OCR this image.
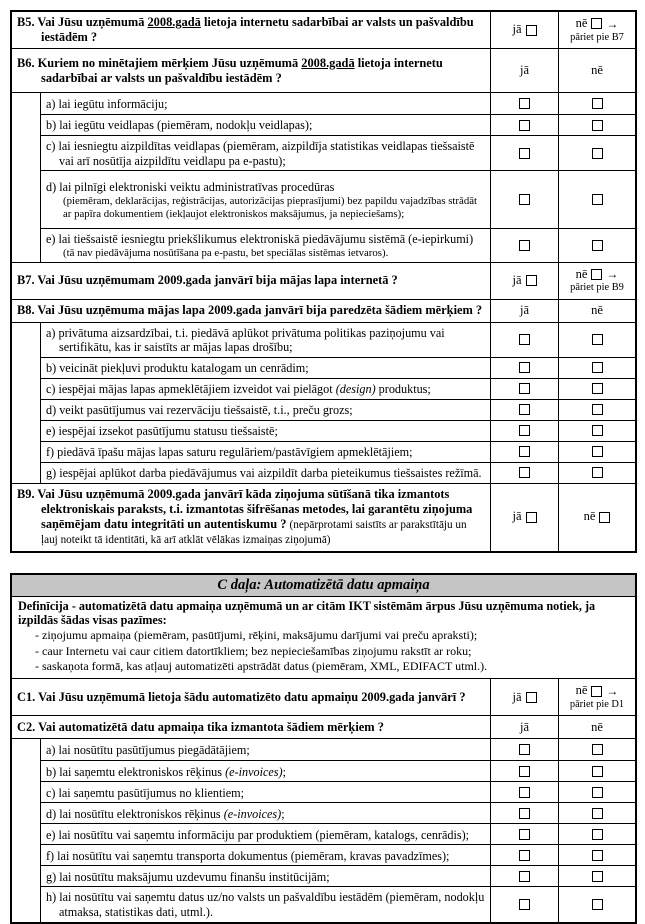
B5. Vai Jūsu uzņēmumā 2008.gadā lietoja internetu sadarbībai ar valsts un pašvaldību iestādēm ?

jā	nē →
pāriet pie B7

B6. Kuriem no minētajiem mērķiem Jūsu uzņēmumā 2008.gadā lietoja internetu sadarbībai ar valsts un pašvaldību iestādēm ?

jā	nē

a) lai iegūtu informāciju;

b) lai iegūtu veidlapas (piemēram, nodokļu veidlapas);

c) lai iesniegtu aizpildītas veidlapas (piemēram, aizpildīja statistikas veidlapas tiešsaistē vai arī nosūtīja aizpildītu veidlapu pa e-pastu);

d) lai pilnīgi elektroniski veiktu administratīvas procedūras

(piemēram, deklarācijas, reģistrācijas, autorizācijas pieprasījumi) bez papildu vajadzības strādāt ar papīra dokumentiem (iekļaujot elektroniskos maksājumus, ja nepieciešams);

e) lai tiešsaistē iesniegtu priekšlikumus elektroniskā piedāvājumu sistēmā (e-iepirkumi)

(tā nav piedāvājuma nosūtīšana pa e-pastu, bet speciālas sistēmas ietvaros).

B7. Vai Jūsu uzņēmumam 2009.gada janvārī bija mājas lapa internetā ?	jā	nē →
pāriet pie B9

B8. Vai Jūsu uzņēmuma mājas lapa 2009.gada janvārī bija paredzēta šādiem mērķiem ?	jā	nē

a) privātuma aizsardzībai, t.i. piedāvā aplūkot privātuma politikas paziņojumu vai sertifikātu, kas ir saistīts ar mājas lapas drošību;

b) veicināt piekļuvi produktu katalogam un cenrādim;

c) iespējai mājas lapas apmeklētājiem izveidot vai pielāgot (design) produktus;

d) veikt pasūtījumus vai rezervāciju tiešsaistē, t.i., preču grozs;

e) iespējai izsekot pasūtījumu statusu tiešsaistē;

f) piedāvā īpašu mājas lapas saturu regulāriem/pastāvīgiem apmeklētājiem;

g) iespējai aplūkot darba piedāvājumus vai aizpildīt darba pieteikumus tiešsaistes režīmā.

B9. Vai Jūsu uzņēmumā 2009.gada janvārī kāda ziņojuma sūtīšanā tika izmantots elektroniskais paraksts, t.i. izmantotas šifrēšanas metodes, lai garantētu ziņojuma saņēmējam datu integritāti un autentiskumu ? (nepārprotami saistīts ar parakstītāju un ļauj noteikt tā identitāti, kā arī atklāt vēlākas izmaiņas ziņojumā)

jā	nē

C daļa: Automatizētā datu apmaiņa

Definīcija - automatizētā datu apmaiņa uzņēmumā un ar citām IKT sistēmām ārpus Jūsu uzņēmuma notiek, ja izpildās šādas visas pazīmes:

- ziņojumu apmaiņa (piemēram, pasūtījumi, rēķini, maksājumu darījumi vai preču apraksti);

- caur Internetu vai caur citiem datortīkliem; bez nepieciešamības ziņojumu rakstīt ar roku;

- saskaņota formā, kas atļauj automatizēti apstrādāt datus (piemēram, XML, EDIFACT utml.).

C1. Vai Jūsu uzņēmumā lietoja šādu automatizēto datu apmaiņu 2009.gada janvārī ?	jā	nē →
pāriet pie D1

C2. Vai automatizētā datu apmaiņa tika izmantota šādiem mērķiem ?	jā	nē

a) lai nosūtītu pasūtījumus piegādātājiem;

b) lai saņemtu elektroniskos rēķinus (e-invoices);

c) lai saņemtu pasūtījumus no klientiem;

d) lai nosūtītu elektroniskos rēķinus (e-invoices);

e) lai nosūtītu vai saņemtu informāciju par produktiem (piemēram, katalogs, cenrādis);

f) lai nosūtītu vai saņemtu transporta dokumentus (piemēram, kravas pavadzīmes);

g) lai nosūtītu maksājumu uzdevumu finanšu institūcijām;

h) lai nosūtītu vai saņemtu datus uz/no valsts un pašvaldību iestādēm (piemēram, nodokļu atmaksa, statistikas dati, utml.).
